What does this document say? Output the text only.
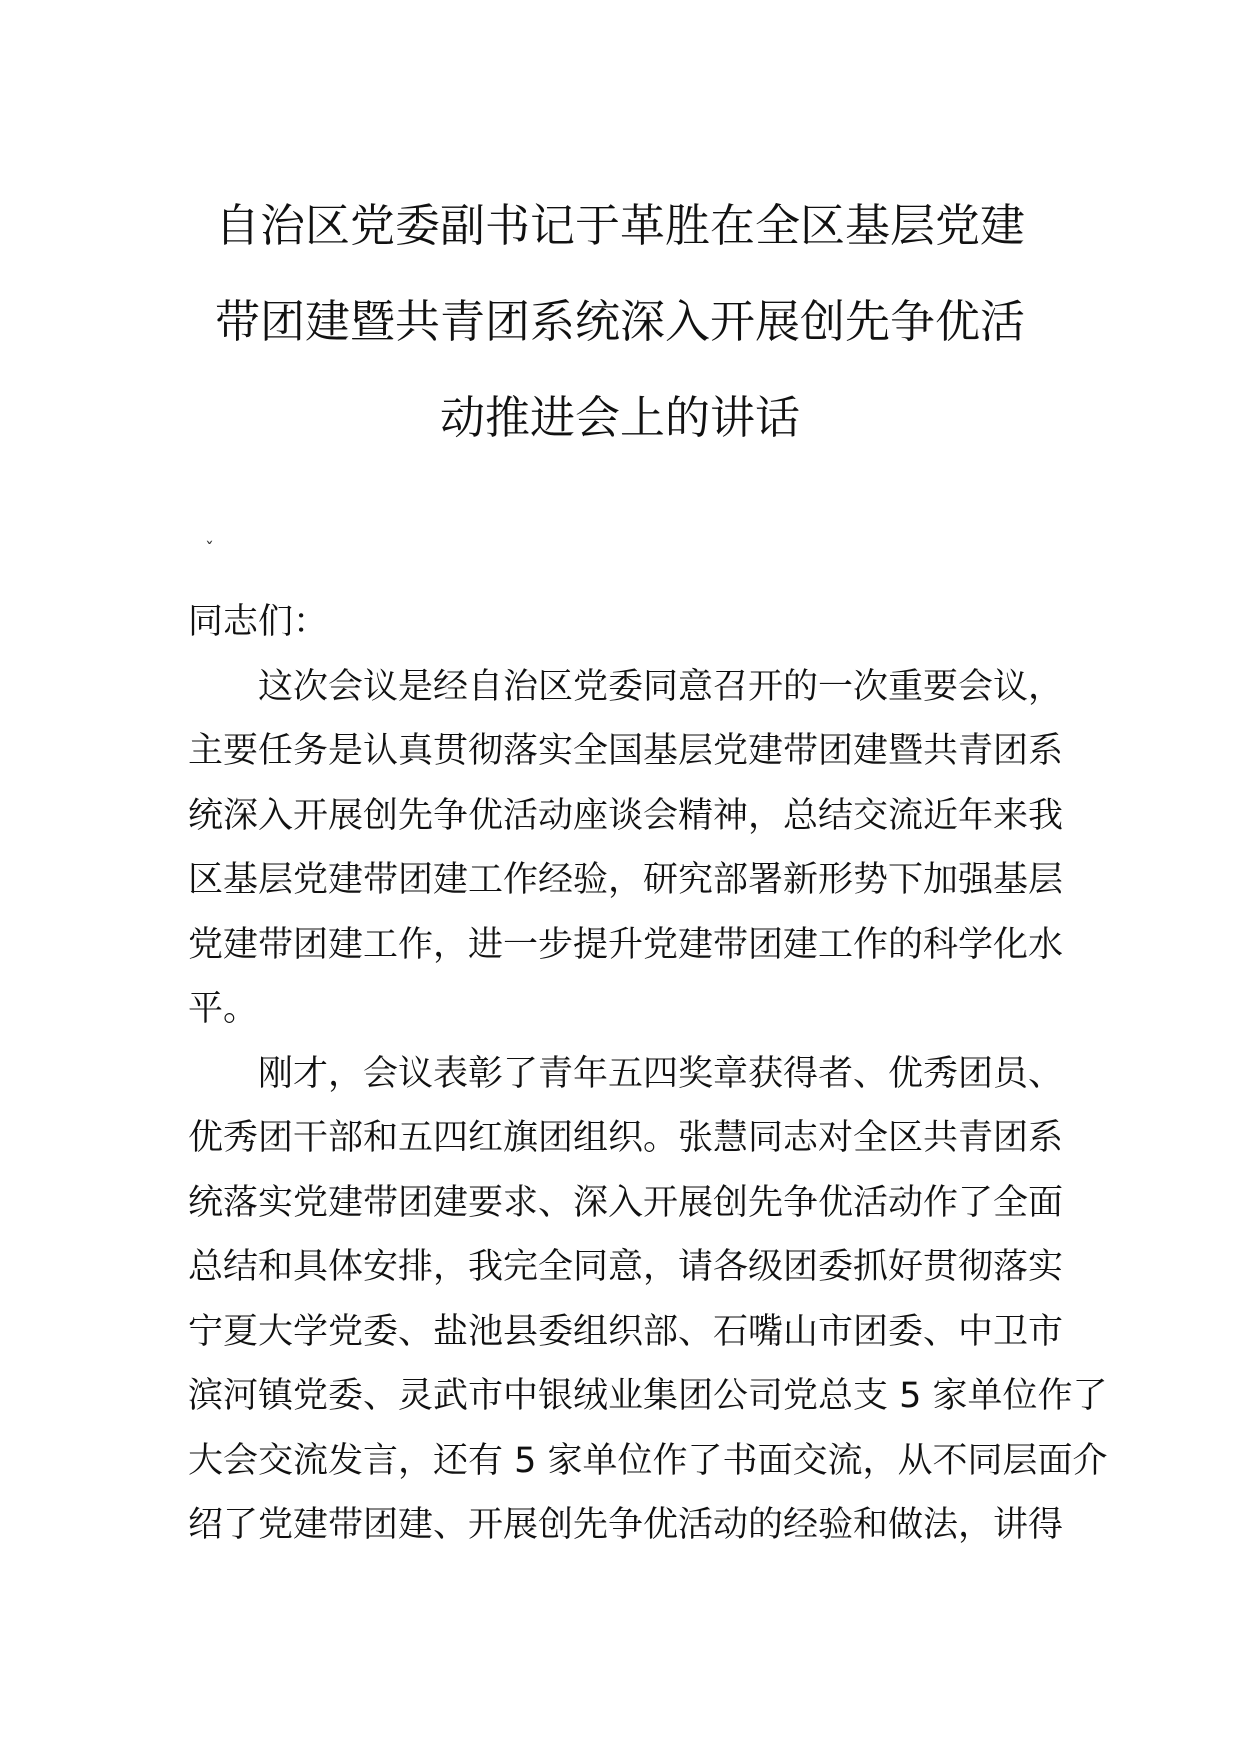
自治区党委副书记于革胜在全区基层党建
带团建暨共青团系统深入开展创先争优活
动推进会上的讲话
ˇ
同志们：
这次会议是经自治区党委同意召开的一次重要会议，
主要任务是认真贯彻落实全国基层党建带团建暨共青团系
统深入开展创先争优活动座谈会精神，总结交流近年来我
区基层党建带团建工作经验，研究部署新形势下加强基层
党建带团建工作，进一步提升党建带团建工作的科学化水
平。
刚才，会议表彰了青年五四奖章获得者、优秀团员、
优秀团干部和五四红旗团组织。张慧同志对全区共青团系
统落实党建带团建要求、深入开展创先争优活动作了全面
总结和具体安排，我完全同意，请各级团委抓好贯彻落实
宁夏大学党委、盐池县委组织部、石嘴山市团委、中卫市
滨河镇党委、灵武市中银绒业集团公司党总支 5 家单位作了
大会交流发言，还有 5 家单位作了书面交流，从不同层面介
绍了党建带团建、开展创先争优活动的经验和做法，讲得
